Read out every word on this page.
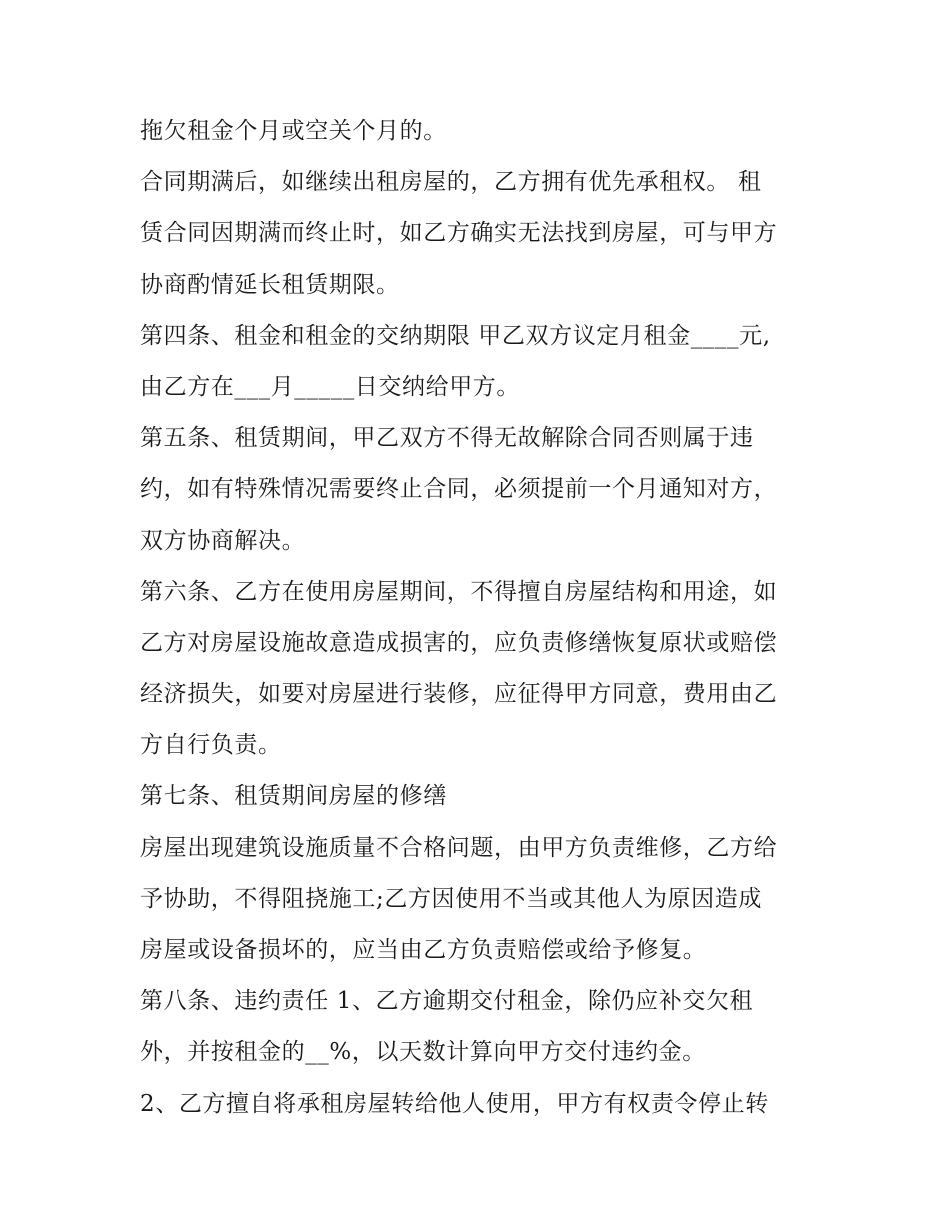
拖欠租金个月或空关个月的。
合同期满后，如继续出租房屋的，乙方拥有优先承租权。 租
赁合同因期满而终止时，如乙方确实无法找到房屋，可与甲方
协商酌情延长租赁期限。
第四条、租金和租金的交纳期限 甲乙双方议定月租金____元,
由乙方在___月_____日交纳给甲方。
第五条、租赁期间，甲乙双方不得无故解除合同否则属于违
约，如有特殊情况需要终止合同，必须提前一个月通知对方，
双方协商解决。
第六条、乙方在使用房屋期间，不得擅自房屋结构和用途，如
乙方对房屋设施故意造成损害的，应负责修缮恢复原状或赔偿
经济损失，如要对房屋进行装修，应征得甲方同意，费用由乙
方自行负责。
第七条、租赁期间房屋的修缮
房屋出现建筑设施质量不合格问题，由甲方负责维修，乙方给
予协助，不得阻挠施工;乙方因使用不当或其他人为原因造成
房屋或设备损坏的，应当由乙方负责赔偿或给予修复。
第八条、违约责任 1、乙方逾期交付租金，除仍应补交欠租
外，并按租金的__%，以天数计算向甲方交付违约金。
2、乙方擅自将承租房屋转给他人使用，甲方有权责令停止转
